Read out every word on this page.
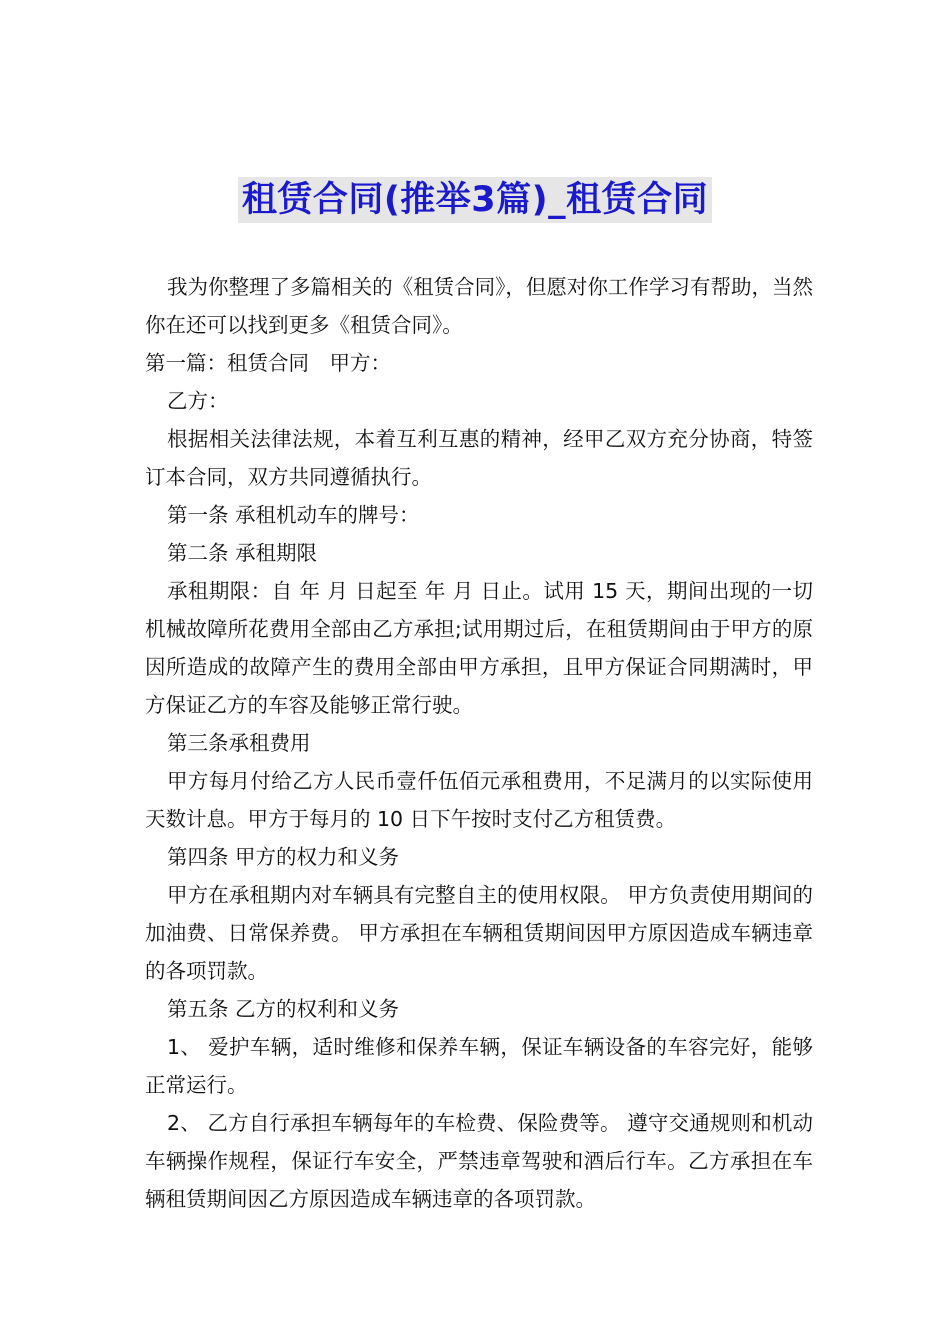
租赁合同(推举3篇)_租赁合同

我为你整理了多篇相关的《租赁合同》，但愿对你工作学习有帮助，当然你在还可以找到更多《租赁合同》。

第一篇：租赁合同　甲方：

乙方：

根据相关法律法规，本着互利互惠的精神，经甲乙双方充分协商，特签订本合同，双方共同遵循执行。

第一条 承租机动车的牌号：

第二条 承租期限

承租期限：自 年 月 日起至 年 月 日止。试用 15 天，期间出现的一切机械故障所花费用全部由乙方承担;试用期过后，在租赁期间由于甲方的原因所造成的故障产生的费用全部由甲方承担，且甲方保证合同期满时，甲方保证乙方的车容及能够正常行驶。

第三条承租费用

甲方每月付给乙方人民币壹仟伍佰元承租费用，不足满月的以实际使用天数计息。甲方于每月的 10 日下午按时支付乙方租赁费。

第四条 甲方的权力和义务

甲方在承租期内对车辆具有完整自主的使用权限。 甲方负责使用期间的加油费、日常保养费。 甲方承担在车辆租赁期间因甲方原因造成车辆违章的各项罚款。

第五条 乙方的权利和义务

1、 爱护车辆，适时维修和保养车辆，保证车辆设备的车容完好，能够正常运行。

2、 乙方自行承担车辆每年的车检费、保险费等。 遵守交通规则和机动车辆操作规程，保证行车安全，严禁违章驾驶和酒后行车。乙方承担在车辆租赁期间因乙方原因造成车辆违章的各项罚款。
